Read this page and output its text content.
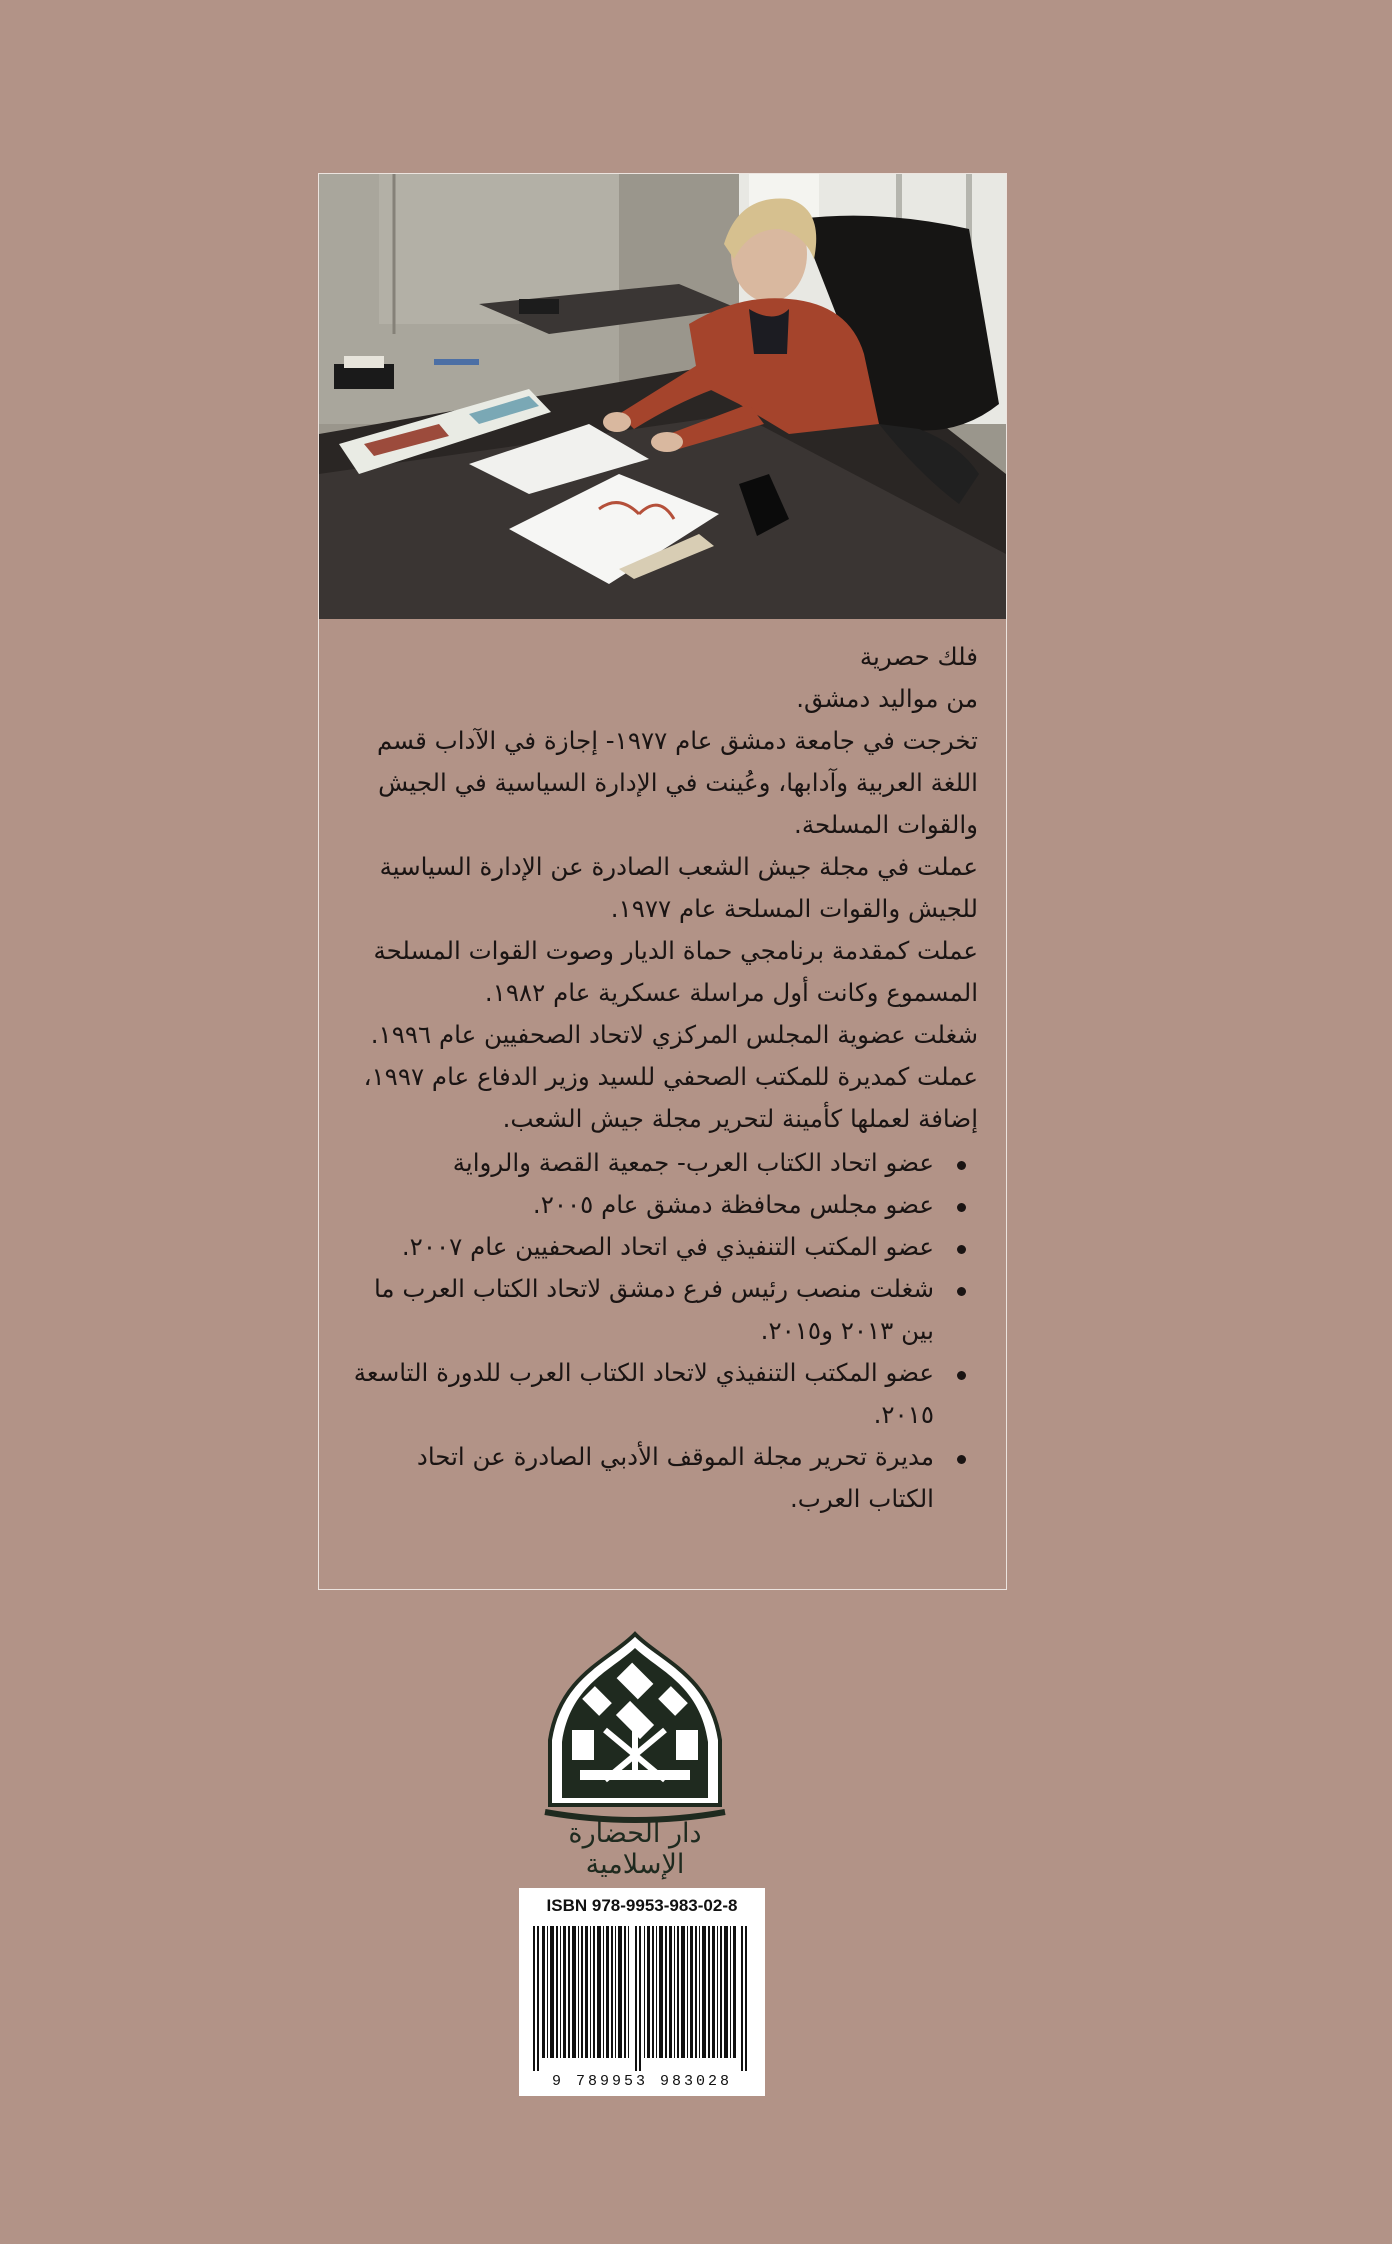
فلك حصرية

من مواليد دمشق.

تخرجت في جامعة دمشق عام ١٩٧٧- إجازة في الآداب قسم اللغة العربية وآدابها، وعُينت في الإدارة السياسية في الجيش والقوات المسلحة.

عملت في مجلة جيش الشعب الصادرة عن الإدارة السياسية للجيش والقوات المسلحة عام ١٩٧٧.

عملت كمقدمة برنامجي حماة الديار وصوت القوات المسلحة المسموع وكانت أول مراسلة عسكرية عام ١٩٨٢.

شغلت عضوية المجلس المركزي لاتحاد الصحفيين عام ١٩٩٦.

عملت كمديرة للمكتب الصحفي للسيد وزير الدفاع عام ١٩٩٧، إضافة لعملها كأمينة لتحرير مجلة جيش الشعب.

عضو اتحاد الكتاب العرب- جمعية القصة والرواية
عضو مجلس محافظة دمشق عام ٢٠٠٥.
عضو المكتب التنفيذي في اتحاد الصحفيين عام ٢٠٠٧.
شغلت منصب رئيس فرع دمشق لاتحاد الكتاب العرب ما بين ٢٠١٣ و٢٠١٥.
عضو المكتب التنفيذي لاتحاد الكتاب العرب للدورة التاسعة ٢٠١٥.
مديرة تحرير مجلة الموقف الأدبي الصادرة عن اتحاد الكتاب العرب.
دار الحضارة الإسلامية
ISBN 978-9953-983-02-8
9 789953 983028
